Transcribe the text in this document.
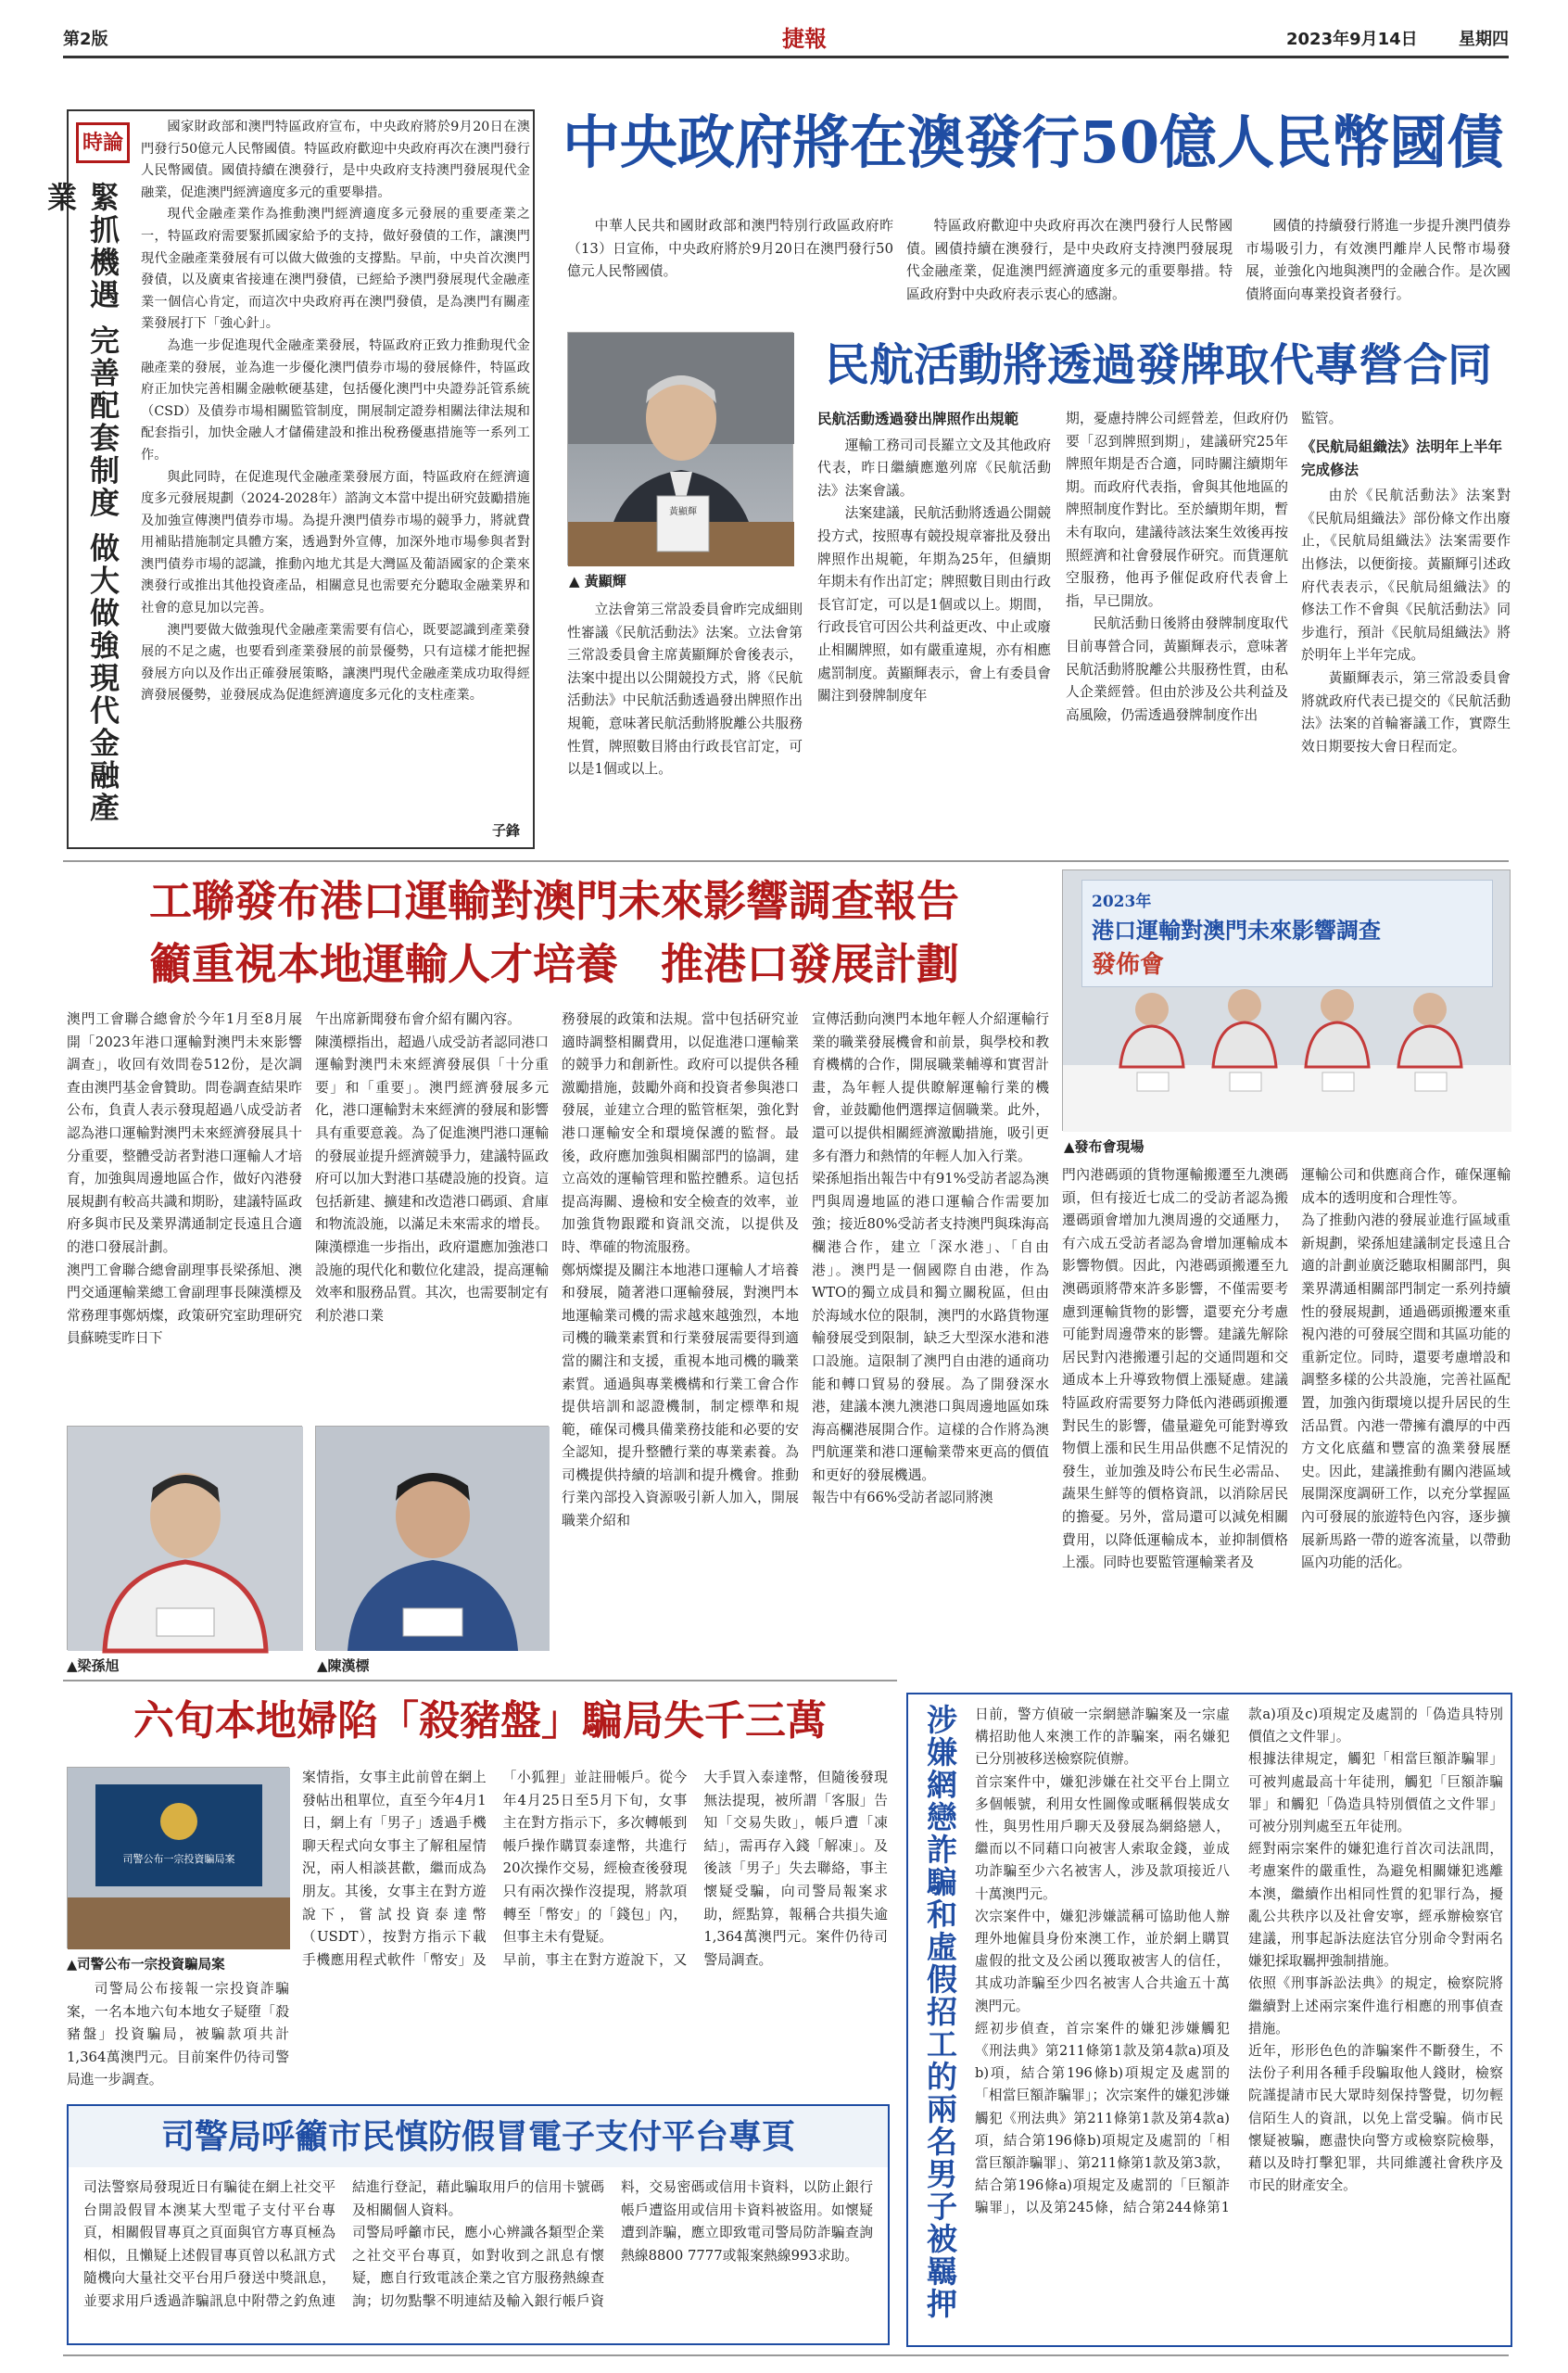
第2版	捷報	2023年9月14日 星期四
時論
緊抓機遇 完善配套制度 做大做強現代金融產業

國家財政部和澳門特區政府宣布，中央政府將於9月20日在澳門發行50億元人民幣國債。特區政府歡迎中央政府再次在澳門發行人民幣國債。國債持續在澳發行，是中央政府支持澳門發展現代金融業，促進澳門經濟適度多元的重要舉措。

現代金融產業作為推動澳門經濟適度多元發展的重要產業之一，特區政府需要緊抓國家給予的支持，做好發債的工作，讓澳門現代金融產業發展有可以做大做強的支撐點。早前，中央首次澳門發債，以及廣東省接連在澳門發債，已經給予澳門發展現代金融產業一個信心肯定，而這次中央政府再在澳門發債，是為澳門有關產業發展打下「強心針」。

為進一步促進現代金融產業發展，特區政府正致力推動現代金融產業的發展，並為進一步優化澳門債券市場的發展條件，特區政府正加快完善相關金融軟硬基建，包括優化澳門中央證券託管系統（CSD）及債券市場相關監管制度，開展制定證券相關法律法規和配套指引，加快金融人才儲備建設和推出稅務優惠措施等一系列工作。

與此同時，在促進現代金融產業發展方面，特區政府在經濟適度多元發展規劃（2024-2028年）諮詢文本當中提出研究鼓勵措施及加強宣傳澳門債券市場。為提升澳門債券市場的競爭力，將就費用補貼措施制定具體方案，透過對外宣傳，加深外地市場參與者對澳門債券市場的認識，推動內地尤其是大灣區及葡語國家的企業來澳發行或推出其他投資產品，相關意見也需要充分聽取金融業界和社會的意見加以完善。

澳門要做大做強現代金融產業需要有信心，既要認識到產業發展的不足之處，也要看到產業發展的前景優勢，只有這樣才能把握發展方向以及作出正確發展策略，讓澳門現代金融產業成功取得經濟發展優勢，並發展成為促進經濟適度多元化的支柱產業。

子鋒
中央政府將在澳發行50億人民幣國債

中華人民共和國財政部和澳門特別行政區政府昨（13）日宣佈，中央政府將於9月20日在澳門發行50億元人民幣國債。

特區政府歡迎中央政府再次在澳門發行人民幣國債。國債持續在澳發行，是中央政府支持澳門發展現代金融產業，促進澳門經濟適度多元的重要舉措。特區政府對中央政府表示衷心的感謝。

國債的持續發行將進一步提升澳門債券市場吸引力，有效澳門離岸人民幣市場發展，並強化內地與澳門的金融合作。是次國債將面向專業投資者發行。

民航活動將透過發牌取代專營合同
黃顯輝
▲ 黃顯輝

立法會第三常設委員會昨完成細則性審議《民航活動法》法案。立法會第三常設委員會主席黃顯輝於會後表示，法案中提出以公開競投方式，將《民航活動法》中民航活動透過發出牌照作出規範，意味著民航活動將脫離公共服務性質，牌照數目將由行政長官訂定，可以是1個或以上。

民航活動透過發出牌照作出規範

運輸工務司司長羅立文及其他政府代表，昨日繼續應邀列席《民航活動法》法案會議。

法案建議，民航活動將透過公開競投方式，按照專有競投規章審批及發出牌照作出規範，年期為25年，但續期年期未有作出訂定；牌照數目則由行政長官訂定，可以是1個或以上。期間，行政長官可因公共利益更改、中止或廢止相關牌照，如有嚴重違規，亦有相應處罰制度。黃顯輝表示，會上有委員會關注到發牌制度年

期，憂慮持牌公司經營差，但政府仍要「忍到牌照到期」，建議研究25年牌照年期是否合適，同時關注續期年期。而政府代表指，會與其他地區的牌照制度作對比。至於續期年期，暫未有取向，建議待該法案生效後再按照經濟和社會發展作研究。而貨運航空服務，他再予催促政府代表會上指，早已開放。

民航活動日後將由發牌制度取代目前專營合同，黃顯輝表示，意味著民航活動將脫離公共服務性質，由私人企業經營。但由於涉及公共利益及高風險，仍需透過發牌制度作出

監管。
《民航局組織法》法明年上半年完成修法

由於《民航活動法》法案對《民航局組織法》部份條文作出廢止，《民航局組織法》法案需要作出修法，以便銜接。黃顯輝引述政府代表表示，《民航局組織法》的修法工作不會與《民航活動法》同步進行，預計《民航局組織法》將於明年上半年完成。

黃顯輝表示，第三常設委員會將就政府代表已提交的《民航活動法》法案的首輪審議工作，實際生效日期要按大會日程而定。

工聯發布港口運輸對澳門未來影響調查報告
籲重視本地運輸人才培養　推港口發展計劃
2023年
港口運輸對澳門未來影響調查
發佈會
▲發布會現場
澳門工會聯合總會於今年1月至8月展開「2023年港口運輸對澳門未來影響調查」，收回有效問卷512份，是次調查由澳門基金會贊助。問卷調查結果昨公布，負責人表示發現超過八成受訪者認為港口運輸對澳門未來經濟發展具十分重要，整體受訪者對港口運輸人才培育，加強與周邊地區合作，做好內港發展規劃有較高共識和期盼，建議特區政府多與市民及業界溝通制定長遠且合適的港口發展計劃。
澳門工會聯合總會副理事長梁孫旭、澳門交通運輸業總工會副理事長陳漢標及常務理事鄭炳燦，政策研究室助理研究員蘇曉雯昨日下
午出席新聞發布會介紹有關內容。
陳漢標指出，超過八成受訪者認同港口運輸對澳門未來經濟發展俱「十分重要」和「重要」。澳門經濟發展多元化，港口運輸對未來經濟的發展和影響具有重要意義。為了促進澳門港口運輸的發展並提升經濟競爭力，建議特區政府可以加大對港口基礎設施的投資。這包括新建、擴建和改造港口碼頭、倉庫和物流設施，以滿足未來需求的增長。
陳漢標進一步指出，政府還應加強港口設施的現代化和數位化建設，提高運輸效率和服務品質。其次，也需要制定有利於港口業
務發展的政策和法規。當中包括研究並適時調整相關費用，以促進港口運輸業的競爭力和創新性。政府可以提供各種激勵措施，鼓勵外商和投資者參與港口發展，並建立合理的監管框架，強化對港口運輸安全和環境保護的監督。最後，政府應加強與相關部門的協調，建立高效的運輸管理和監控體系。這包括提高海關、邊檢和安全檢查的效率，並加強貨物跟蹤和資訊交流，以提供及時、準確的物流服務。
鄭炳燦提及關注本地港口運輸人才培養和發展，隨著港口運輸發展，對澳門本地運輸業司機的需求越來越強烈，本地司機的職業素質和行業發展需要得到適當的關注和支援，重視本地司機的職業素質。通過與專業機構和行業工會合作提供培訓和認證機制，制定標準和規範，確保司機具備業務技能和必要的安全認知，提升整體行業的專業素養。為司機提供持續的培訓和提升機會。推動行業內部投入資源吸引新人加入，開展職業介紹和
宣傳活動向澳門本地年輕人介紹運輸行業的職業發展機會和前景，與學校和教育機構的合作，開展職業輔導和實習計畫，為年輕人提供瞭解運輸行業的機會，並鼓勵他們選擇這個職業。此外，還可以提供相關經濟激勵措施，吸引更多有潛力和熱情的年輕人加入行業。
梁孫旭指出報告中有91%受訪者認為澳門與周邊地區的港口運輸合作需要加強；接近80%受訪者支持澳門與珠海高欄港合作，建立「深水港」、「自由港」。澳門是一個國際自由港，作為WTO的獨立成員和獨立關稅區，但由於海域水位的限制，澳門的水路貨物運輸發展受到限制，缺乏大型深水港和港口設施。這限制了澳門自由港的通商功能和轉口貿易的發展。為了開發深水港，建議本澳九澳港口與周邊地區如珠海高欄港展開合作。這樣的合作將為澳門航運業和港口運輸業帶來更高的價值和更好的發展機遇。
報告中有66%受訪者認同將澳
門內港碼頭的貨物運輸搬遷至九澳碼頭，但有接近七成二的受訪者認為搬遷碼頭會增加九澳周邊的交通壓力，有六成五受訪者認為會增加運輸成本影響物價。因此，內港碼頭搬遷至九澳碼頭將帶來許多影響，不僅需要考慮到運輸貨物的影響，還要充分考慮可能對周邊帶來的影響。建議先解除居民對內港搬遷引起的交通問題和交通成本上升導致物價上漲疑慮。建議特區政府需要努力降低內港碼頭搬遷對民生的影響，儘量避免可能對導致物價上漲和民生用品供應不足情況的發生，並加強及時公布民生必需品、蔬果生鮮等的價格資訊，以消除居民的擔憂。另外，當局還可以減免相關費用，以降低運輸成本，並抑制價格上漲。同時也要監管運輸業者及
運輸公司和供應商合作，確保運輸成本的透明度和合理性等。
為了推動內港的發展並進行區域重新規劃，梁孫旭建議制定長遠且合適的計劃並廣泛聽取相關部門，與業界溝通相關部門制定一系列持續性的發展規劃，通過碼頭搬遷來重視內港的可發展空間和其區功能的重新定位。同時，還要考慮增設和調整多樣的公共設施，完善社區配置，加強內街環境以提升居民的生活品質。內港一帶擁有濃厚的中西方文化底蘊和豐富的漁業發展歷史。因此，建議推動有關內港區域展開深度調研工作，以充分掌握區內可發展的旅遊特色內容，逐步擴展新馬路一帶的遊客流量，以帶動區內功能的活化。
▲梁孫旭	▲陳漢標
六旬本地婦陷「殺豬盤」騙局失千三萬
司警公布一宗投資騙局案
▲司警公布一宗投資騙局案

司警局公布接報一宗投資詐騙案，一名本地六旬本地女子疑墮「殺豬盤」投資騙局，被騙款項共計1,364萬澳門元。目前案件仍待司警局進一步調查。

案情指，女事主此前曾在網上發帖出租單位，直至今年4月1日，網上有「男子」透過手機聊天程式向女事主了解租屋情況，兩人相談甚歡，繼而成為朋友。其後，女事主在對方遊說下，嘗試投資泰達幣（USDT），按對方指示下載手機應用程式軟件「幣安」及「小狐狸」並註冊帳戶。從今年4月25日至5月下旬，女事主在對方指示下，多次轉帳到帳戶操作購買泰達幣，共進行20次操作交易，經檢查後發現只有兩次操作沒提現，將款項轉至「幣安」的「錢包」內，但事主未有覺疑。
早前，事主在對方遊說下，又大手買入泰達幣，但隨後發現無法提現，被所謂「客服」告知「交易失敗」，帳戶遭「凍結」，需再存入錢「解凍」。及後該「男子」失去聯絡，事主懷疑受騙，向司警局報案求助，經點算，報稱合共損失逾1,364萬澳門元。案件仍待司警局調查。
司警局呼籲市民慎防假冒電子支付平台專頁
司法警察局發現近日有騙徒在網上社交平台開設假冒本澳某大型電子支付平台專頁，相關假冒專頁之頁面與官方專頁極為相似，且懶疑上述假冒專頁曾以私訊方式隨機向大量社交平台用戶發送中獎訊息，並要求用戶透過詐騙訊息中附帶之釣魚連結進行登記，藉此騙取用戶的信用卡號碼及相關個人資料。
司警局呼籲市民，應小心辨識各類型企業之社交平台專頁，如對收到之訊息有懷疑，應自行致電該企業之官方服務熱線查詢；切勿點擊不明連結及輸入銀行帳戶資料，交易密碼或信用卡資料，以防止銀行帳戶遭盜用或信用卡資料被盜用。如懷疑遭到詐騙，應立即致電司警局防詐騙查詢熱線8800 7777或報案熱線993求助。	涉嫌網戀詐騙和虛假招工的兩名男子被羈押	日前，警方偵破一宗網戀詐騙案及一宗虛構招助他人來澳工作的詐騙案，兩名嫌犯已分別被移送檢察院偵辦。
首宗案件中，嫌犯涉嫌在社交平台上開立多個帳號，利用女性圖像或暱稱假裝成女性，與男性用戶聊天及發展為網絡戀人，繼而以不同藉口向被害人索取金錢，並成功詐騙至少六名被害人，涉及款項接近八十萬澳門元。
次宗案件中，嫌犯涉嫌謊稱可協助他人辦理外地僱員身份來澳工作，並於網上購買虛假的批文及公函以獲取被害人的信任，其成功詐騙至少四名被害人合共逾五十萬澳門元。
經初步偵查，首宗案件的嫌犯涉嫌觸犯《刑法典》第211條第1款及第4款a)項及b)項，結合第196條b)項規定及處罰的「相當巨額詐騙罪」；次宗案件的嫌犯涉嫌觸犯《刑法典》第211條第1款及第4款a)項，結合第196條b)項規定及處罰的「相當巨額詐騙罪」、第211條第1款及第3款，結合第196條a)項規定及處罰的「巨額詐騙罪」，以及第245條，結合第244條第1款a)項及c)項規定及處罰的「偽造具特別價值之文件罪」。
根據法律規定，觸犯「相當巨額詐騙罪」可被判處最高十年徒刑，觸犯「巨額詐騙罪」和觸犯「偽造具特別價值之文件罪」可被分別判處至五年徒刑。
經對兩宗案件的嫌犯進行首次司法訊問，考慮案件的嚴重性，為避免相關嫌犯逃離本澳，繼續作出相同性質的犯罪行為，擾亂公共秩序以及社會安寧，經承辦檢察官建議，刑事起訴法庭法官分別命令對兩名嫌犯採取羈押強制措施。
依照《刑事訴訟法典》的規定，檢察院將繼續對上述兩宗案件進行相應的刑事偵查措施。
近年，形形色色的詐騙案件不斷發生，不法份子利用各種手段騙取他人錢財，檢察院謹提請市民大眾時刻保持警覺，切勿輕信陌生人的資訊，以免上當受騙。倘市民懷疑被騙，應盡快向警方或檢察院檢舉，藉以及時打擊犯罪，共同維護社會秩序及市民的財產安全。
